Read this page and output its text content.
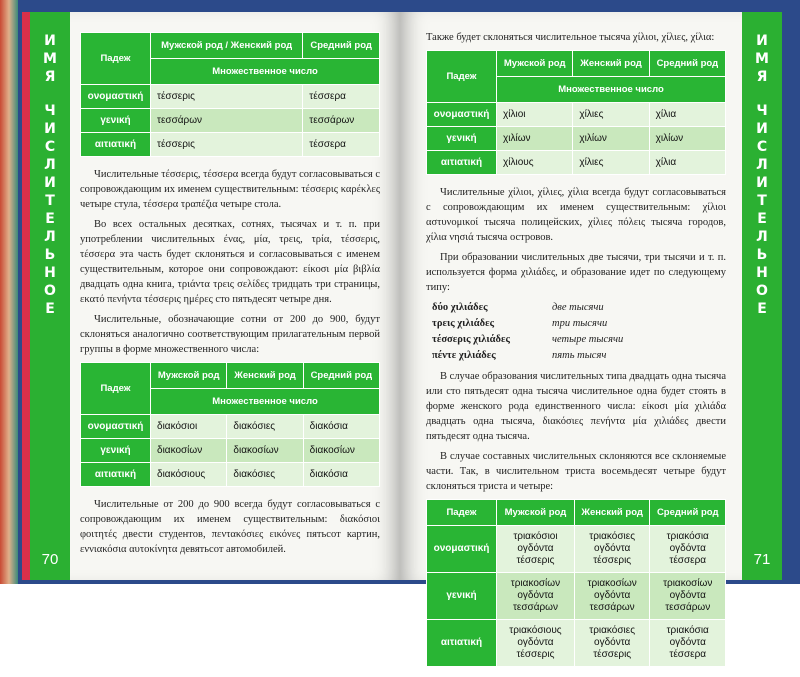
И
М
Я
Ч
И
С
Л
И
Т
Е
Л
Ь
Н
О
Е
70
Падеж	Мужской род / Женский род	Средний род
	Множественное число	
ονομαστική	τέσσερις	τέσσερα
γενική	τεσσάρων	τεσσάρων
αιτιατική	τέσσερις	τέσσερα

Числительные τέσσερις, τέσσερα всегда будут согласовываться с сопровождающим их именем существительным: τέσσερις καρέκλες четыре стула, τέσσερα τραπέζια четыре стола.

Во всех остальных десятках, сотнях, тысячах и т. п. при употреблении числительных ένας, μία, τρεις, τρία, τέσσερις, τέσσερα эта часть будет склоняться и согласовываться с именем существительным, которое они сопровождают: είκοσι μία βιβλία двадцать одна книга, τριάντα τρεις σελίδες тридцать три страницы, εκατό πενήντα τέσσερις ημέρες сто пятьдесят четыре дня.

Числительные, обозначающие сотни от 200 до 900, будут склоняться аналогично соответствующим прилагательным первой группы в форме множественного числа:

Падеж	Мужской род	Женский род	Средний род
	Множественное число		
ονομαστική	διακόσιοι	διακόσιες	διακόσια
γενική	διακοσίων	διακοσίων	διακοσίων
αιτιατική	διακόσιους	διακόσιες	διακόσια

Числительные от 200 до 900 всегда будут согласовываться с сопровождающим их именем существительным: διακόσιοι φοιτητές двести студентов, πεντακόσιες εικόνες пятьсот картин, εννιακόσια αυτοκίνητα девятьсот автомобилей.

И
М
Я
Ч
И
С
Л
И
Т
Е
Л
Ь
Н
О
Е
71

Также будет склоняться числительное тысяча χίλιοι, χίλιες, χίλια:

Падеж	Мужской род	Женский род	Средний род
	Множественное число		
ονομαστική	χίλιοι	χίλιες	χίλια
γενική	χιλίων	χιλίων	χιλίων
αιτιατική	χίλιους	χίλιες	χίλια

Числительные χίλιοι, χίλιες, χίλια всегда будут согласовываться с сопровождающим их именем существительным: χίλιοι αστυνομικοί тысяча полицейских, χίλιες πόλεις тысяча городов, χίλια νησιά тысяча островов.

При образовании числительных две тысячи, три тысячи и т. п. используется форма χιλιάδες, и образование идет по следующему типу:

δύο χιλιάδες	две тысячи
τρεις χιλιάδες	три тысячи
τέσσερις χιλιάδες	четыре тысячи
πέντε χιλιάδες	пять тысяч

В случае образования числительных типа двадцать одна тысяча или сто пятьдесят одна тысяча числительное одна будет стоять в форме женского рода единственного числа: είκοσι μία χιλιάδα двадцать одна тысяча, διακόσιες πενήντα μία χιλιάδες двести пятьдесят одна тысяча.

В случае составных числительных склоняются все склоняемые части. Так, в числительном триста восемьдесят четыре будут склоняться триста и четыре:

Падеж	Мужской род	Женский род	Средний род
ονομαστική	τριακόσιοι ογδόντα τέσσερις	τριακόσιες ογδόντα τέσσερις	τριακόσια ογδόντα τέσσερα
γενική	τριακοσίων ογδόντα τεσσάρων	τριακοσίων ογδόντα τεσσάρων	τριακοσίων ογδόντα τεσσάρων
αιτιατική	τριακόσιους ογδόντα τέσσερις	τριακόσιες ογδόντα τέσσερις	τριακόσια ογδόντα τέσσερα
